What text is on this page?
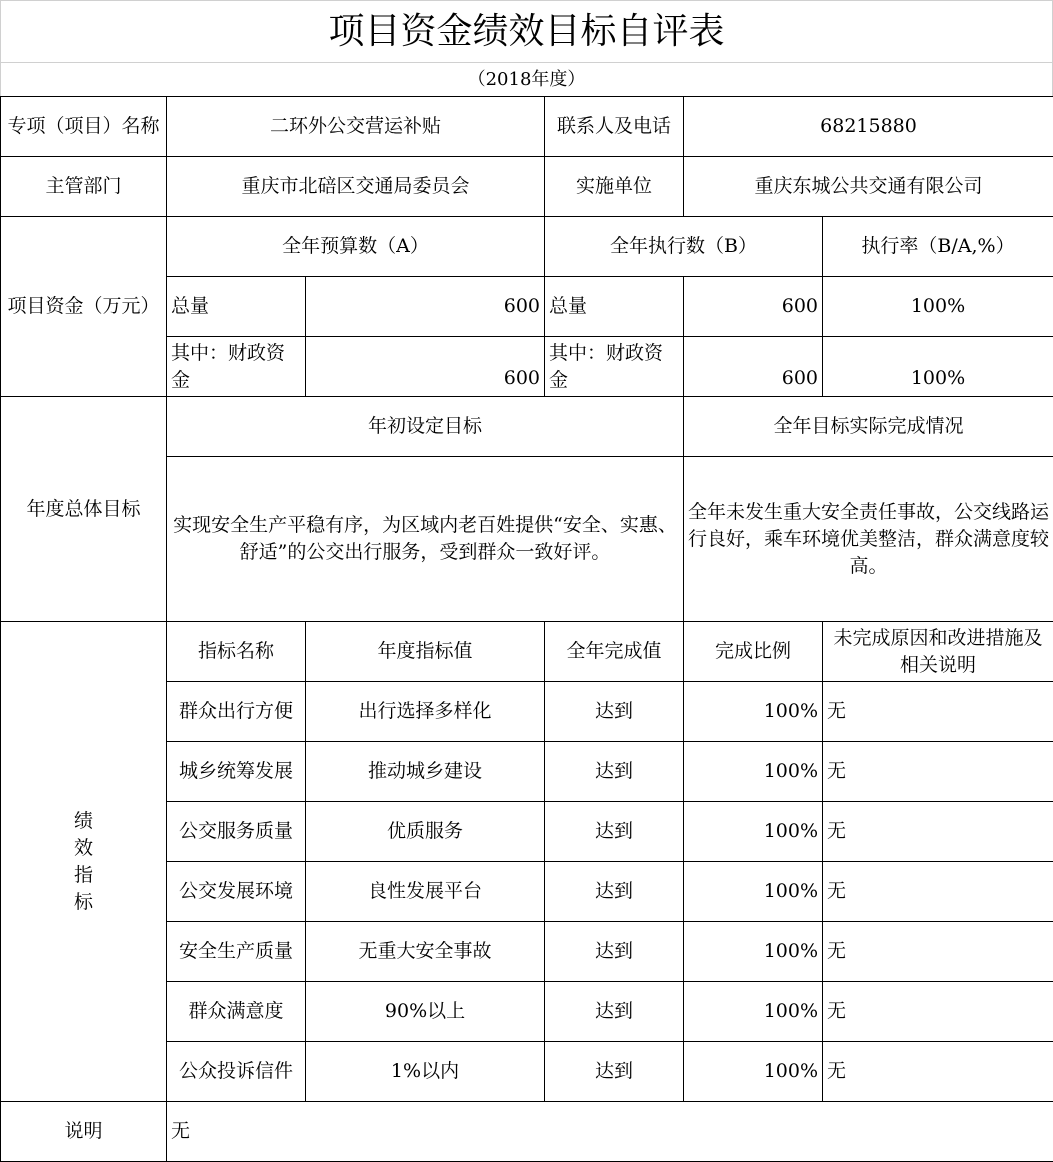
项目资金绩效目标自评表
（2018年度）
专项（项目）名称	二环外公交营运补贴		联系人及电话	68215880	
主管部门	重庆市北碚区交通局委员会		实施单位	重庆东城公共交通有限公司	
项目资金（万元）	全年预算数（A）		全年执行数（B）		执行率（B/A,%）
	总量	600	总量	600	100%
	其中：财政资金	600	其中：财政资金	600	100%
年度总体目标	年初设定目标			全年目标实际完成情况	
	实现安全生产平稳有序，为区域内老百姓提供“安全、实惠、舒适”的公交出行服务，受到群众一致好评。			全年未发生重大安全责任事故，公交线路运行良好，乘车环境优美整洁，群众满意度较高。	

绩
效
指
标	指标名称	年度指标值	全年完成值	完成比例	未完成原因和改进措施及相关说明
	群众出行方便	出行选择多样化	达到	100%	无
	城乡统筹发展	推动城乡建设	达到	100%	无
	公交服务质量	优质服务	达到	100%	无
	公交发展环境	良性发展平台	达到	100%	无
	安全生产质量	无重大安全事故	达到	100%	无
	群众满意度	90%以上	达到	100%	无
	公众投诉信件	1%以内	达到	100%	无
说明	无				
